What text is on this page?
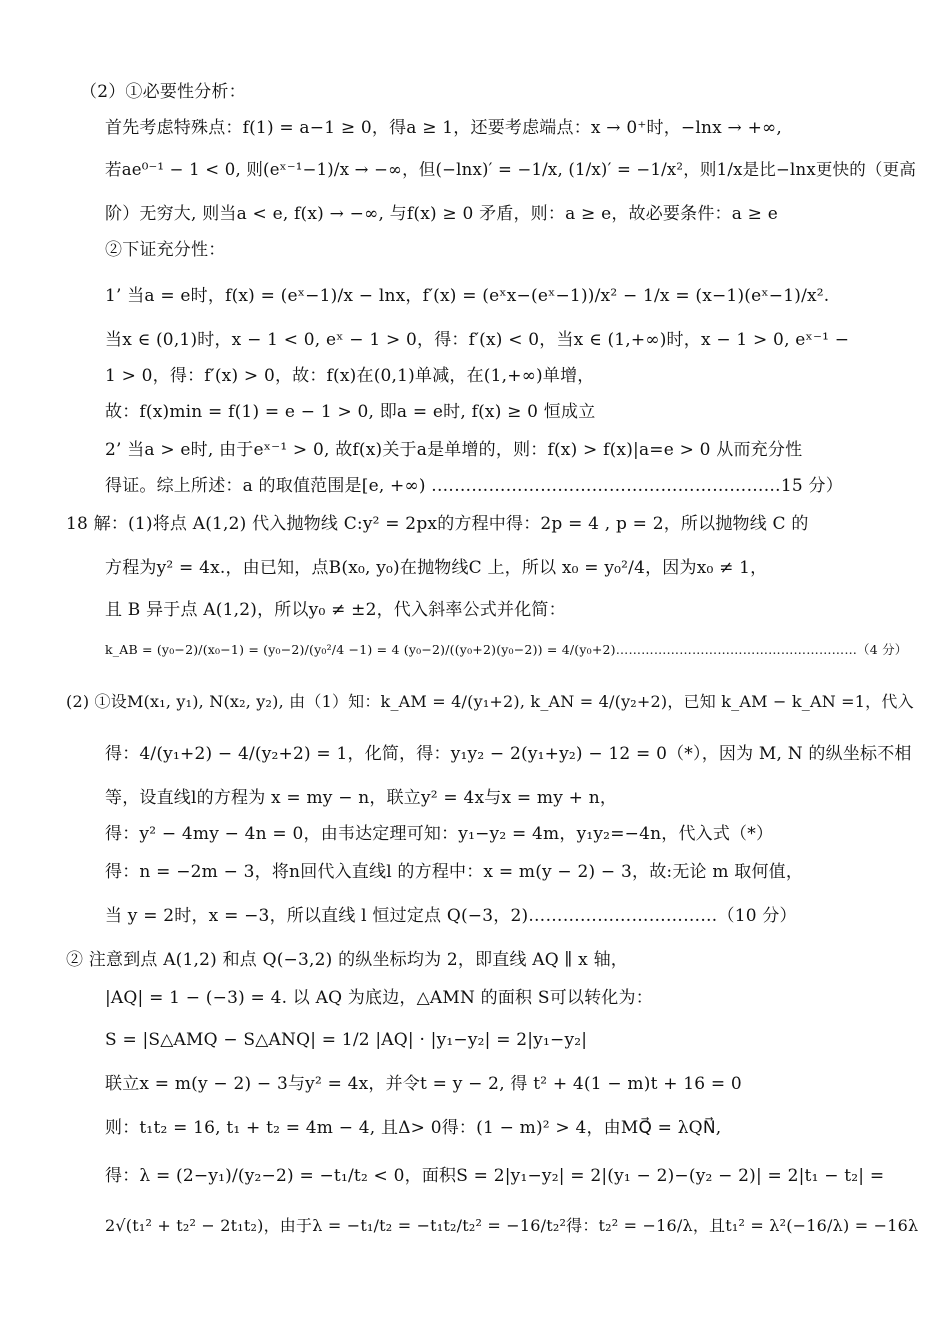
（2）①必要性分析：
首先考虑特殊点：f(1) = a−1 ≥ 0，得a ≥ 1，还要考虑端点：x → 0⁺时，−lnx → +∞,
若ae⁰⁻¹ − 1 < 0, 则(eˣ⁻¹−1)/x → −∞，但(−lnx)′ = −1/x, (1/x)′ = −1/x²，则1/x是比−lnx更快的（更高
阶）无穷大, 则当a < e, f(x) → −∞, 与f(x) ≥ 0 矛盾，则：a ≥ e，故必要条件：a ≥ e
②下证充分性：
1’ 当a = e时，f(x) = (eˣ−1)/x − lnx，f′(x) = (eˣx−(eˣ−1))/x² − 1/x = (x−1)(eˣ−1)/x².
当x ∈ (0,1)时，x − 1 < 0, eˣ − 1 > 0，得：f′(x) < 0，当x ∈ (1,+∞)时，x − 1 > 0, eˣ⁻¹ −
1 > 0，得：f′(x) > 0，故：f(x)在(0,1)单减，在(1,+∞)单增，
故：f(x)min = f(1) = e − 1 > 0, 即a = e时, f(x) ≥ 0 恒成立
2’ 当a > e时, 由于eˣ⁻¹ > 0, 故f(x)关于a是单增的，则：f(x) > f(x)|a=e > 0 从而充分性
得证。综上所述：a 的取值范围是[e, +∞) .……………………………………………………15 分）
18 解：(1)将点 A(1,2) 代入抛物线 C:y² = 2px的方程中得：2p = 4 , p = 2，所以抛物线 C 的
方程为y² = 4x.，由已知，点B(x₀, y₀)在抛物线C 上，所以 x₀ = y₀²/4，因为x₀ ≠ 1，
且 B 异于点 A(1,2)，所以y₀ ≠ ±2，代入斜率公式并化简：
k_AB = (y₀−2)/(x₀−1) = (y₀−2)/(y₀²/4 −1) = 4 (y₀−2)/((y₀+2)(y₀−2)) = 4/(y₀+2)…………………………………………………（4 分）
(2) ①设M(x₁, y₁), N(x₂, y₂), 由（1）知：k_AM = 4/(y₁+2), k_AN = 4/(y₂+2)，已知 k_AM − k_AN =1，代入
得：4/(y₁+2) − 4/(y₂+2) = 1，化简，得：y₁y₂ − 2(y₁+y₂) − 12 = 0（*），因为 M, N 的纵坐标不相
等，设直线l的方程为 x = my − n，联立y² = 4x与x = my + n，
得：y² − 4my − 4n = 0，由韦达定理可知：y₁−y₂ = 4m，y₁y₂=−4n，代入式（*）
得：n = −2m − 3，将n回代入直线l 的方程中：x = m(y − 2) − 3，故:无论 m 取何值，
当 y = 2时，x = −3，所以直线 l 恒过定点 Q(−3，2)……………………………（10 分）
② 注意到点 A(1,2) 和点 Q(−3,2) 的纵坐标均为 2，即直线 AQ ∥ x 轴，
|AQ| = 1 − (−3) = 4. 以 AQ 为底边，△AMN 的面积 S可以转化为：
S = |S△AMQ − S△ANQ| = 1/2 |AQ| · |y₁−y₂| = 2|y₁−y₂|
联立x = m(y − 2) − 3与y² = 4x，并令t = y − 2, 得 t² + 4(1 − m)t + 16 = 0
则：t₁t₂ = 16, t₁ + t₂ = 4m − 4, 且Δ> 0得：(1 − m)² > 4，由MQ⃗ = λQN⃗,
得：λ = (2−y₁)/(y₂−2) = −t₁/t₂ < 0，面积S = 2|y₁−y₂| = 2|(y₁ − 2)−(y₂ − 2)| = 2|t₁ − t₂| =
2√(t₁² + t₂² − 2t₁t₂)，由于λ = −t₁/t₂ = −t₁t₂/t₂² = −16/t₂²得：t₂² = −16/λ，且t₁² = λ²(−16/λ) = −16λ
